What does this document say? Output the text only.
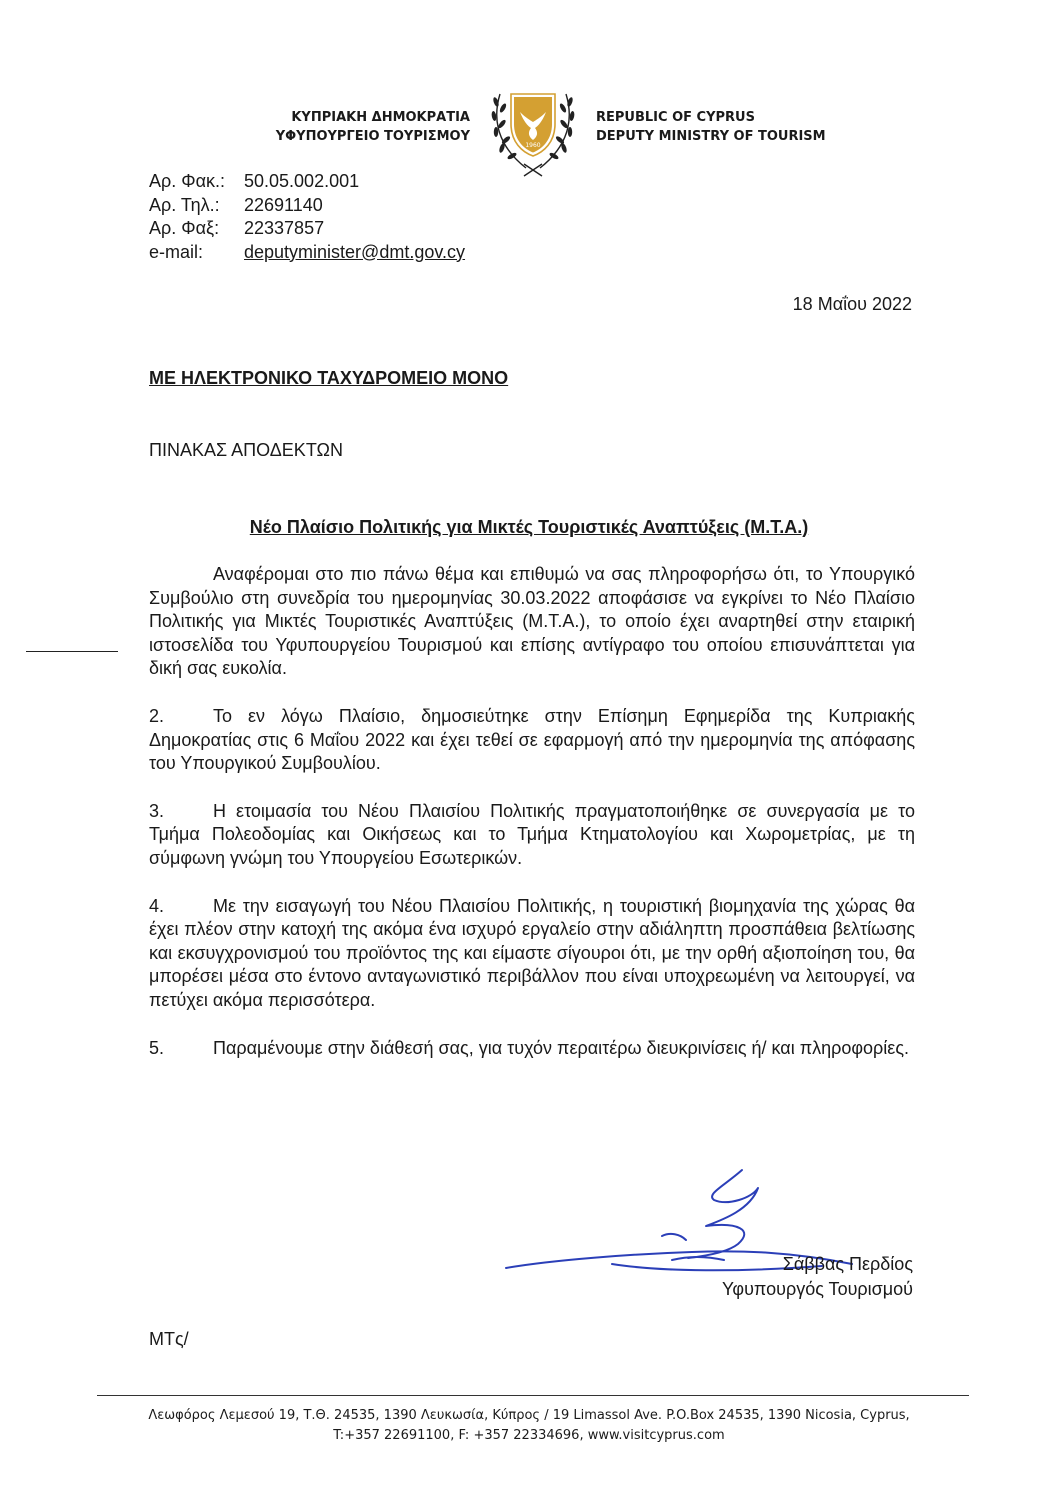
ΚΥΠΡΙΑΚΗ ΔΗΜΟΚΡΑΤΙΑ
ΥΦΥΠΟΥΡΓΕΙΟ ΤΟΥΡΙΣΜΟΥ
1960
REPUBLIC OF CYPRUS
DEPUTY MINISTRY OF TOURISM
Αρ. Φακ.: 50.05.002.001
Αρ. Τηλ.: 22691140
Αρ. Φαξ: 22337857
e-mail: deputyminister@dmt.gov.cy
18 Μαΐου 2022
ΜΕ ΗΛΕΚΤΡΟΝΙΚΟ ΤΑΧΥΔΡΟΜΕΙΟ ΜΟΝΟ
ΠΙΝΑΚΑΣ ΑΠΟΔΕΚΤΩΝ
Νέο Πλαίσιο Πολιτικής για Μικτές Τουριστικές Αναπτύξεις (Μ.Τ.Α.)

Αναφέρομαι στο πιο πάνω θέμα και επιθυμώ να σας πληροφορήσω ότι, το Υπουργικό Συμβούλιο στη συνεδρία του ημερομηνίας 30.03.2022 αποφάσισε να εγκρίνει το Νέο Πλαίσιο Πολιτικής για Μικτές Τουριστικές Αναπτύξεις (Μ.Τ.Α.), το οποίο έχει αναρτηθεί στην εταιρική ιστοσελίδα του Υφυπουργείου Τουρισμού και επίσης αντίγραφο του οποίου επισυνάπτεται για δική σας ευκολία.

2.	Το εν λόγω Πλαίσιο, δημοσιεύτηκε στην Επίσημη Εφημερίδα της Κυπριακής Δημοκρατίας στις 6 Μαΐου 2022 και έχει τεθεί σε εφαρμογή από την ημερομηνία της απόφασης του Υπουργικού Συμβουλίου.

3.	Η ετοιμασία του Νέου Πλαισίου Πολιτικής πραγματοποιήθηκε σε συνεργασία με το Τμήμα Πολεοδομίας και Οικήσεως και το Τμήμα Κτηματολογίου και Χωρομετρίας, με τη σύμφωνη γνώμη του Υπουργείου Εσωτερικών.

4.	Με την εισαγωγή του Νέου Πλαισίου Πολιτικής, η τουριστική βιομηχανία της χώρας θα έχει πλέον στην κατοχή της ακόμα ένα ισχυρό εργαλείο στην αδιάληπτη προσπάθεια βελτίωσης και εκσυγχρονισμού του προϊόντος της και είμαστε σίγουροι ότι, με την ορθή αξιοποίηση του, θα μπορέσει μέσα στο έντονο ανταγωνιστικό περιβάλλον που είναι υποχρεωμένη να λειτουργεί, να πετύχει ακόμα περισσότερα.

5.	Παραμένουμε στην διάθεσή σας, για τυχόν περαιτέρω διευκρινίσεις ή/ και πληροφορίες.

Σάββας Περδίος
Υφυπουργός Τουρισμού
ΜΤς/
Λεωφόρος Λεμεσού 19, Τ.Θ. 24535, 1390 Λευκωσία, Κύπρος / 19 Limassol Ave. P.O.Box 24535, 1390 Nicosia, Cyprus,
T:+357 22691100, F: +357 22334696, www.visitcyprus.com
